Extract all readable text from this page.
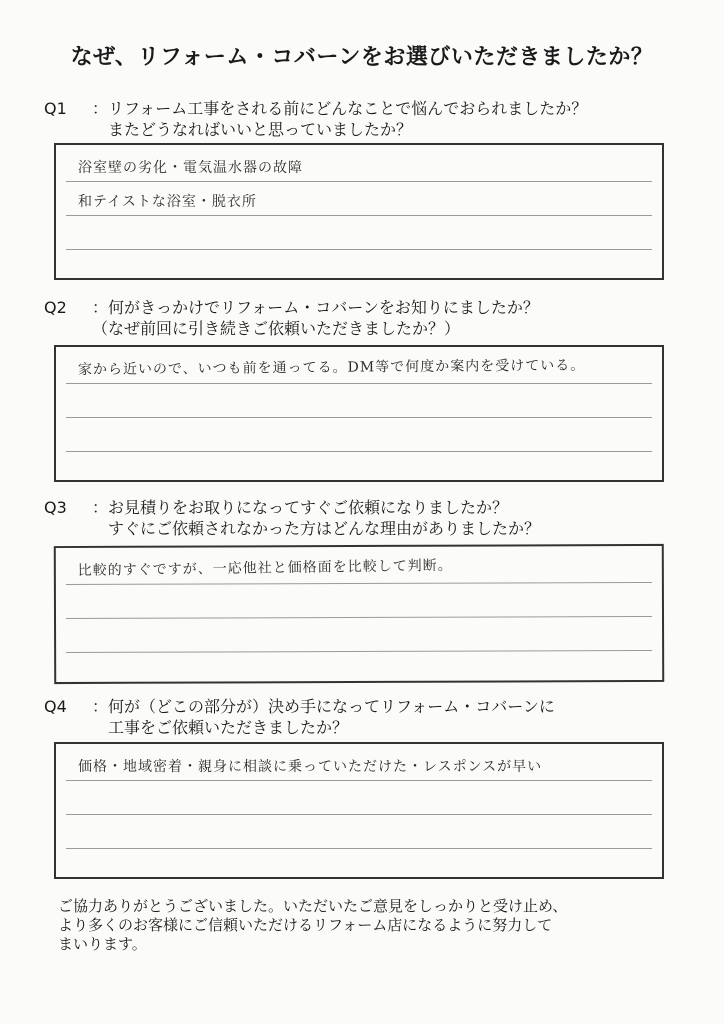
なぜ、リフォーム・コバーンをお選びいただきましたか？
Q1	：リフォーム工事をされる前にどんなことで悩んでおられましたか？
　またどうなればいいと思っていましたか？
浴室壁の劣化・電気温水器の故障
和テイストな浴室・脱衣所
Q2	：何がきっかけでリフォーム・コバーンをお知りにましたか？
（なぜ前回に引き続きご依頼いただきましたか？）
家から近いので、いつも前を通ってる。DM等で何度か案内を受けている。
Q3	：お見積りをお取りになってすぐご依頼になりましたか？
　すぐにご依頼されなかった方はどんな理由がありましたか？
比較的すぐですが、一応他社と価格面を比較して判断。
Q4	：何が（どこの部分が）決め手になってリフォーム・コバーンに
　工事をご依頼いただきましたか？
価格・地域密着・親身に相談に乗っていただけた・レスポンスが早い
ご協力ありがとうございました。いただいたご意見をしっかりと受け止め、
より多くのお客様にご信頼いただけるリフォーム店になるように努力して
まいります。
